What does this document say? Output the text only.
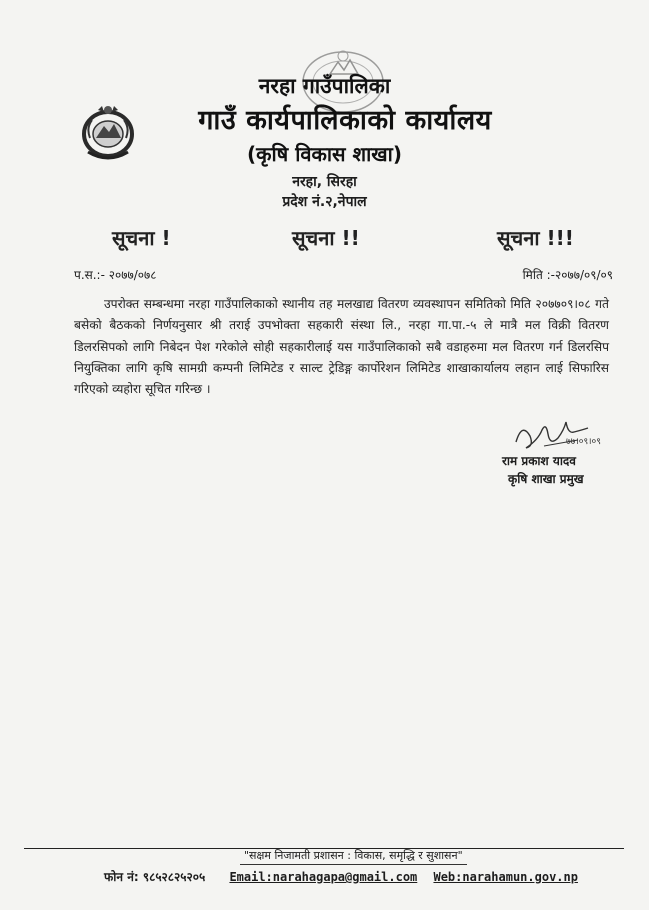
नरहा गाउँपालिका
गाउँ कार्यपालिकाको कार्यालय
(कृषि विकास शाखा)
नरहा, सिरहा
प्रदेश नं.२,नेपाल
सूचना !	सूचना !!	सूचना !!!
प.स.:- २०७७/०७८	मिति :-२०७७/०९/०९

उपरोक्त सम्बन्धमा नरहा गाउँपालिकाको स्थानीय तह मलखाद्य वितरण व्यवस्थापन समितिको मिति २०७७०९।०८ गते बसेको बैठकको निर्णयनुसार श्री तराई उपभोक्ता सहकारी संस्था लि., नरहा गा.पा.-५ ले मात्रै मल विक्री वितरण डिलरसिपको लागि निबेदन पेश गरेकोले सोही सहकारीलाई यस गाउँपालिकाको सबै वडाहरुमा मल वितरण गर्न डिलरसिप नियुक्तिका लागि कृषि सामग्री कम्पनी लिमिटेड र साल्ट ट्रेडिङ्ग कार्पोरेशन लिमिटेड शाखाकार्यालय लहान लाई सिफारिस गरिएको व्यहोरा सूचित गरिन्छ ।

७७।०९।०९
राम प्रकाश यादव
कृषि शाखा प्रमुख
"सक्षम निजामती प्रशासन : विकास, समृद्धि र सुशासन"
फोन नं: ९८५२८२५२०५ Email:narahagapa@gmail.com Web:narahamun.gov.np
